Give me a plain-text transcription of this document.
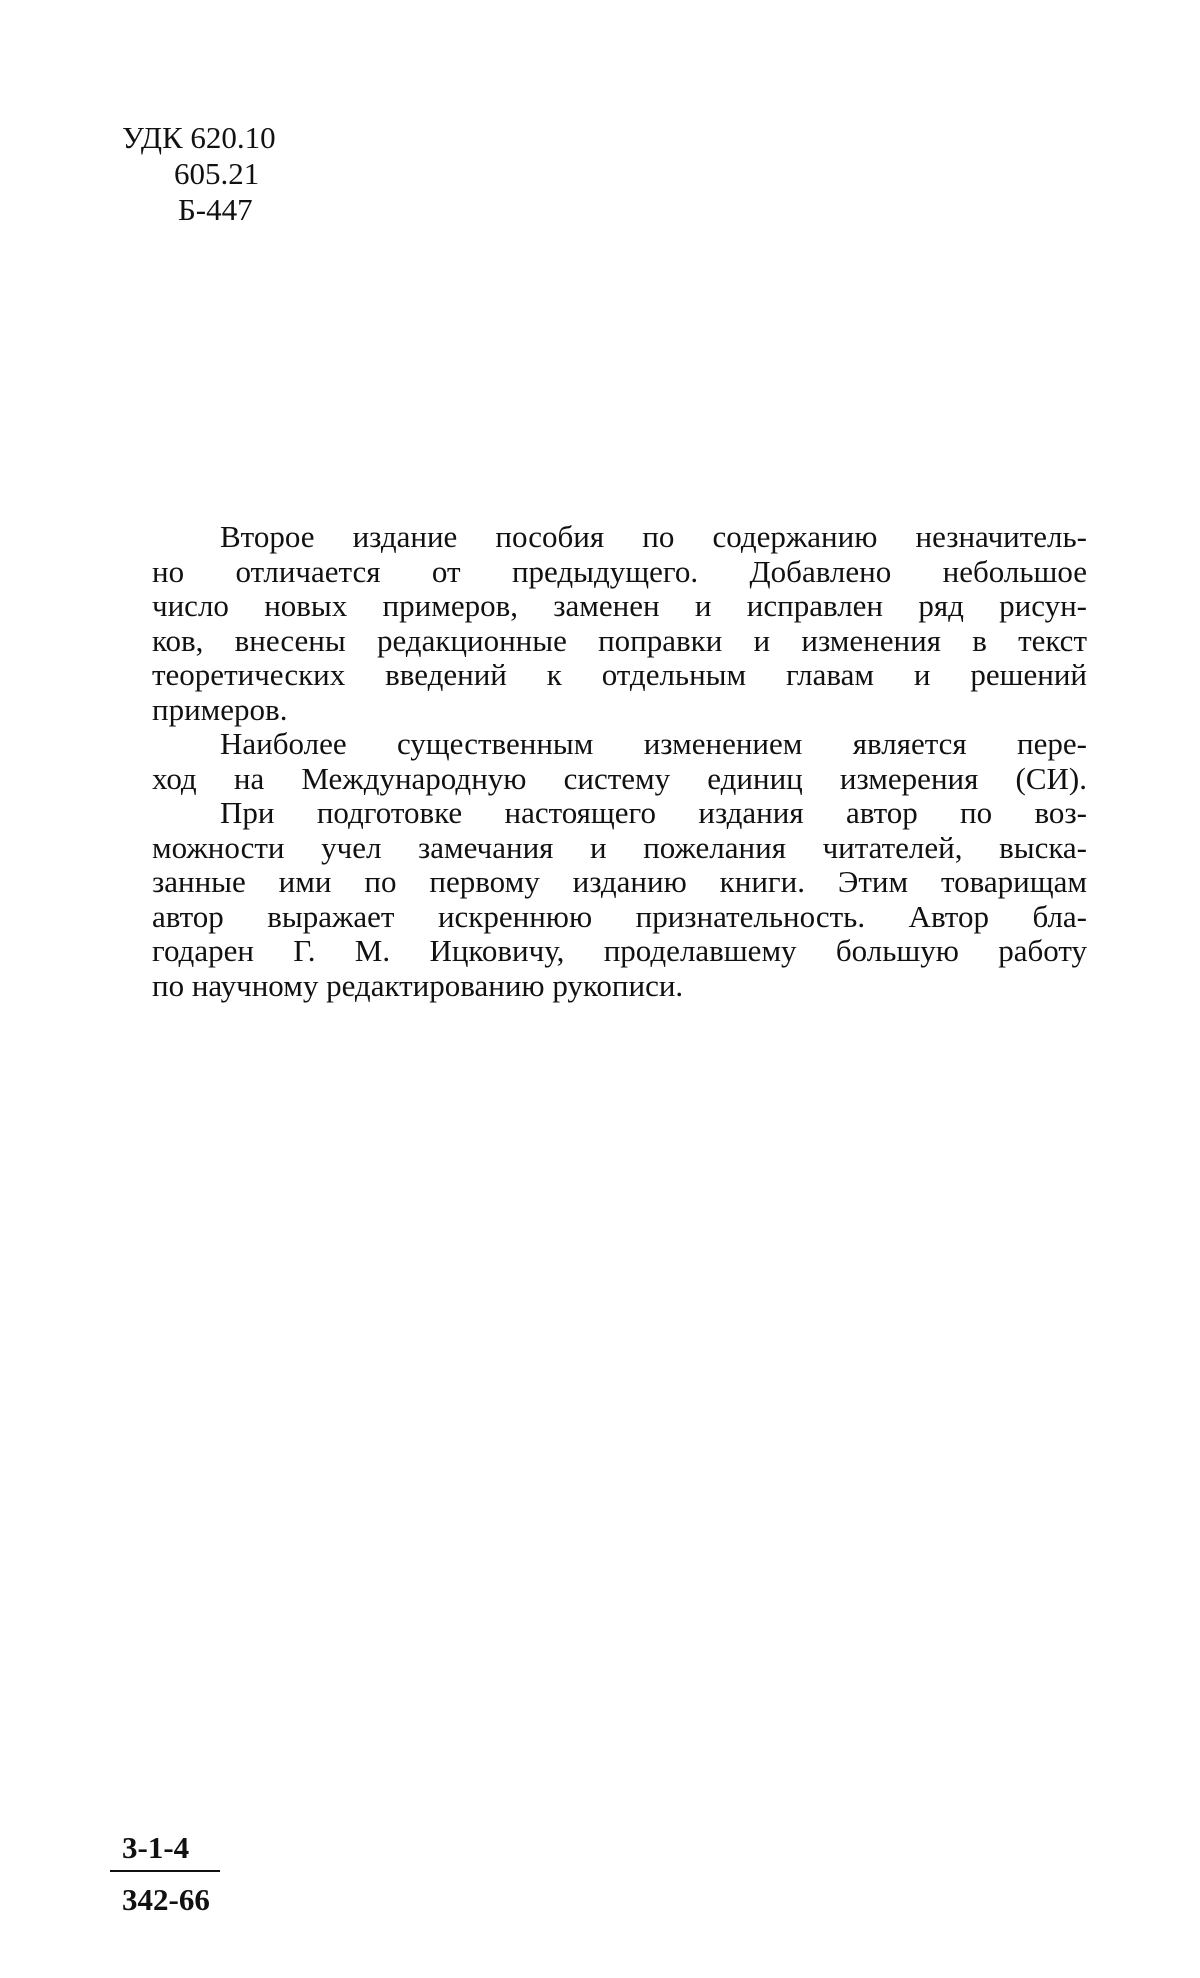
УДК 620.10
605.21
Б-447
Второе издание пособия по содержанию незначитель-
но отличается от предыдущего. Добавлено небольшое
число новых примеров, заменен и исправлен ряд рисун-
ков, внесены редакционные поправки и изменения в текст
теоретических введений к отдельным главам и решений
примеров.
Наиболее существенным изменением является пере-
ход на Международную систему единиц измерения (СИ).
При подготовке настоящего издания автор по воз-
можности учел замечания и пожелания читателей, выска-
занные ими по первому изданию книги. Этим товарищам
автор выражает искреннюю признательность. Автор бла-
годарен Г. М. Ицковичу, проделавшему большую работу
по научному редактированию рукописи.
3-1-4
342-66
